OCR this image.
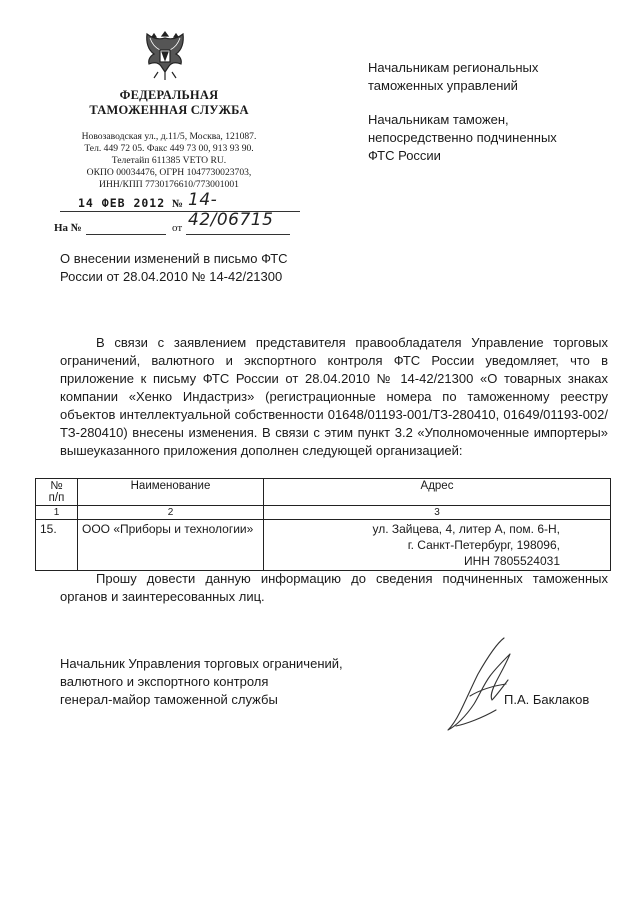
ФЕДЕРАЛЬНАЯ
ТАМОЖЕННАЯ СЛУЖБА
Новозаводская ул., д.11/5, Москва, 121087.
Тел. 449 72 05. Факс 449 73 00, 913 93 90.
Телетайп 611385 VETO RU.
ОКПО 00034476, ОГРН 1047730023703,
ИНН/КПП 7730176610/773001001
Начальникам региональных
таможенных управлений
Начальникам таможен,
непосредственно подчиненных
ФТС России
14 ФЕВ 2012 № 14-42/06715
На №	от
О внесении изменений в письмо ФТС
России от 28.04.2010 № 14-42/21300

В связи с заявлением представителя правообладателя Управление торговых ограничений, валютного и экспортного контроля ФТС России уведомляет, что в приложение к письму ФТС России от 28.04.2010 № 14-42/21300 «О товарных знаках компании «Хенко Индастриз» (регистрационные номера по таможенному реестру объектов интеллектуальной собственности 01648/01193-001/ТЗ-280410, 01649/01193-002/ТЗ-280410) внесены изменения. В связи с этим пункт 3.2 «Уполномоченные импортеры» вышеуказанного приложения дополнен следующей организацией:

№
п/п	Наименование	Адрес
1	2	3
15.	ООО «Приборы и технологии»	ул. Зайцева, 4, литер А, пом. 6-Н,
г. Санкт-Петербург, 198096,
ИНН 7805524031

Прошу довести данную информацию до сведения подчиненных таможенных органов и заинтересованных лиц.

Начальник Управления торговых ограничений,
валютного и экспортного контроля
генерал-майор таможенной службы	П.А. Баклаков
